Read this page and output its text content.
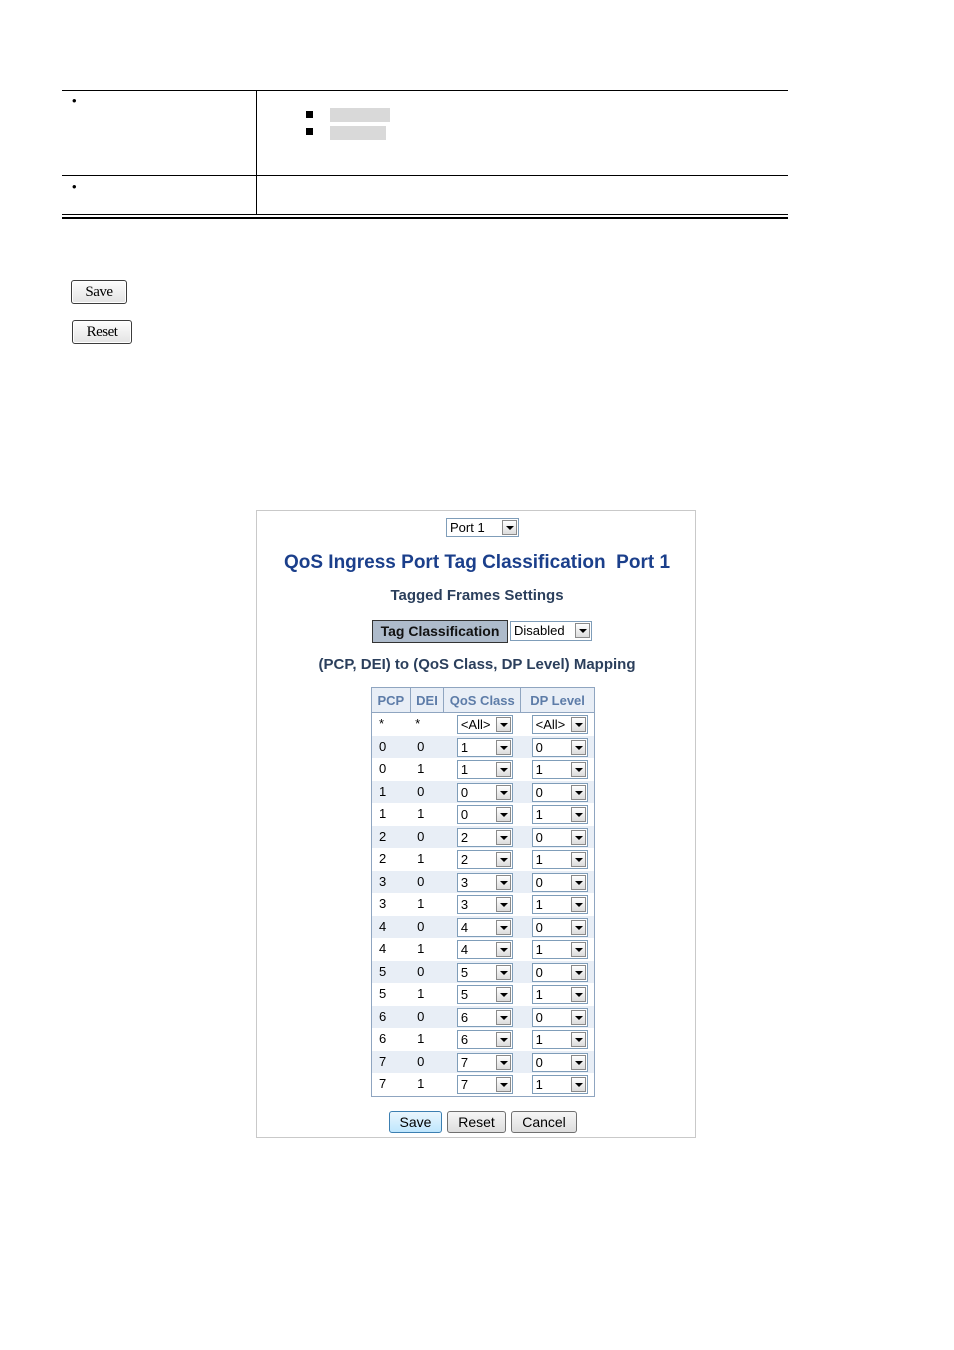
•
•
Save
Reset
Port 1
QoS Ingress Port Tag Classification  Port 1
Tagged Frames Settings
Tag Classification	Disabled
(PCP, DEI) to (QoS Class, DP Level) Mapping
PCP	DEI	QoS Class	DP Level

*	*	<All>	<All>

0	0	1	0

0	1	1	1

1	0	0	0

1	1	0	1

2	0	2	0

2	1	2	1

3	0	3	0

3	1	3	1

4	0	4	0

4	1	4	1

5	0	5	0

5	1	5	1

6	0	6	0

6	1	6	1

7	0	7	0

7	1	7	1
Save	Reset	Cancel
